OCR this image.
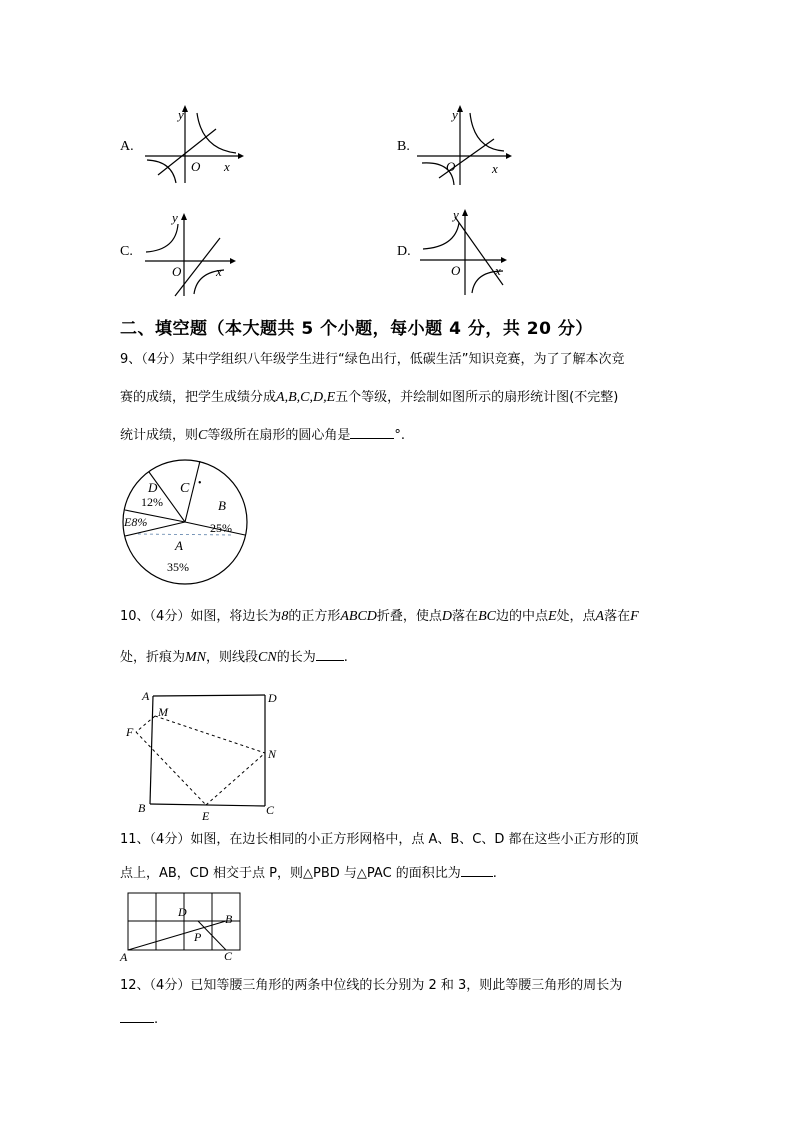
A.
y
O x
B.
y
O	x
C.
y
O	x
D.
y
O	x
二、填空题（本大题共 5 个小题，每小题 4 分，共 20 分）
9、（4分）某中学组织八年级学生进行“绿色出行，低碳生活”知识竞赛，为了了解本次竞
赛的成绩，把学生成绩分成A,B,C,D,E五个等级，并绘制如图所示的扇形统计图(不完整)
统计成绩，则C等级所在扇形的圆心角是	°.
D
12%
C •
B
25%
E8%
A
35%
10、（4分）如图，将边长为8的正方形ABCD折叠，使点D落在BC边的中点E处，点A落在F
处，折痕为MN，则线段CN的长为 .
A	D
M
F
N
B
E	C
11、（4分）如图，在边长相同的小正方形网格中，点 A、B、C、D 都在这些小正方形的顶
点上，AB，CD 相交于点 P，则△PBD 与△PAC 的面积比为 .
A
B
C
D
P
12、（4分）已知等腰三角形的两条中位线的长分别为 2 和 3，则此等腰三角形的周长为
.
